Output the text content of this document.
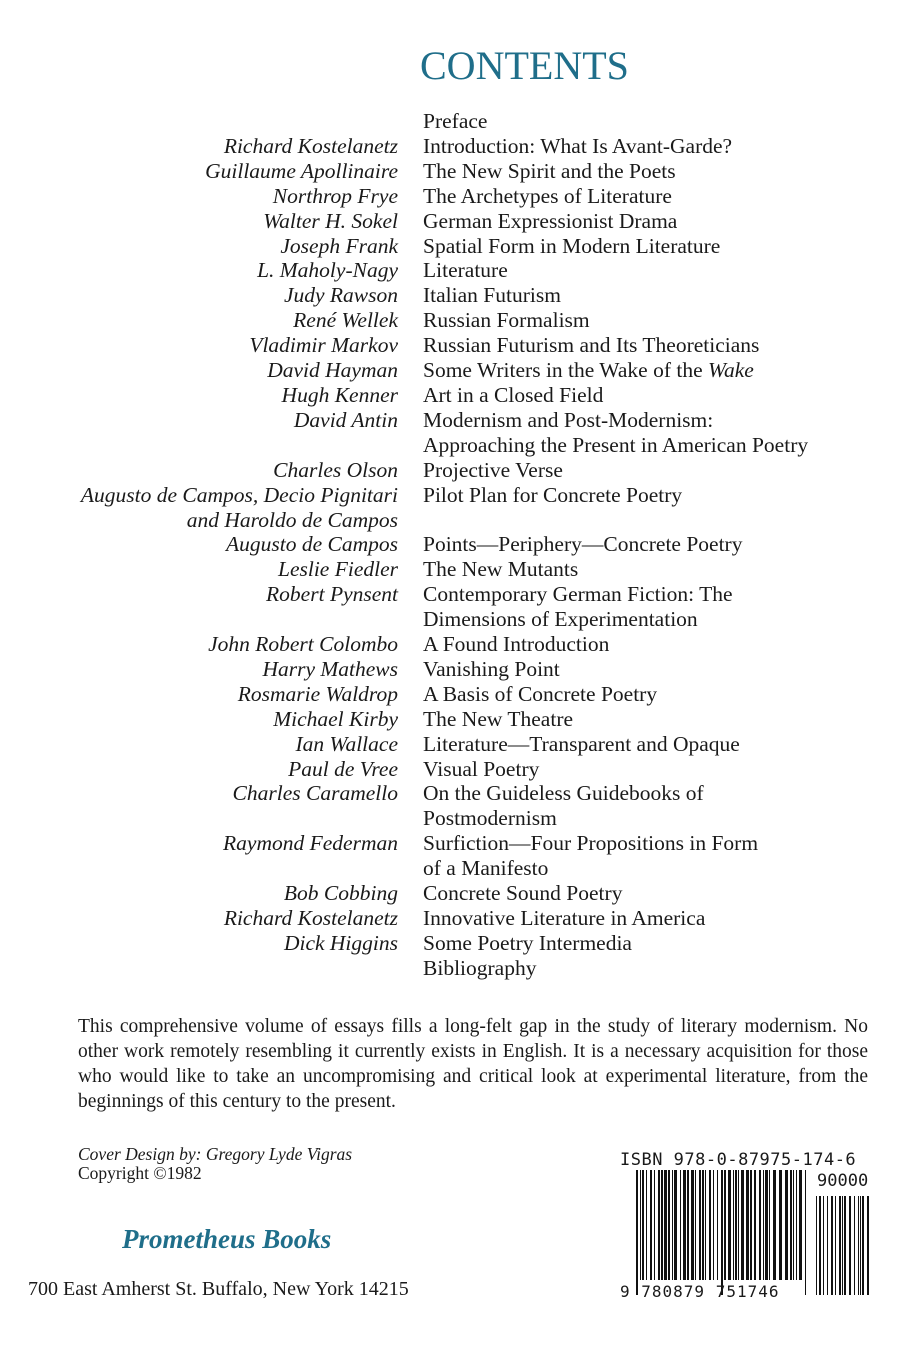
CONTENTS
Preface
Richard Kostelanetz Introduction: What Is Avant-Garde?
Guillaume Apollinaire The New Spirit and the Poets
Northrop Frye The Archetypes of Literature
Walter H. Sokel German Expressionist Drama
Joseph Frank Spatial Form in Modern Literature
L. Maholy-Nagy Literature
Judy Rawson Italian Futurism
René Wellek Russian Formalism
Vladimir Markov Russian Futurism and Its Theoreticians
David Hayman Some Writers in the Wake of the Wake
Hugh Kenner Art in a Closed Field
David Antin Modernism and Post-Modernism:
Approaching the Present in American Poetry
Charles Olson Projective Verse
Augusto de Campos, Decio Pignitari
and Haroldo de Campos
Pilot Plan for Concrete Poetry
Augusto de Campos Points—Periphery—Concrete Poetry
Leslie Fiedler The New Mutants
Robert Pynsent Contemporary German Fiction: The
Dimensions of Experimentation
John Robert Colombo A Found Introduction
Harry Mathews Vanishing Point
Rosmarie Waldrop A Basis of Concrete Poetry
Michael Kirby The New Theatre
Ian Wallace Literature—Transparent and Opaque
Paul de Vree Visual Poetry
Charles Caramello On the Guideless Guidebooks of
Postmodernism
Raymond Federman Surfiction—Four Propositions in Form
of a Manifesto
Bob Cobbing Concrete Sound Poetry
Richard Kostelanetz Innovative Literature in America
Dick Higgins Some Poetry Intermedia
Bibliography
This comprehensive volume of essays fills a long-felt gap in the study of literary modernism. No other work remotely resembling it currently exists in English. It is a necessary acquisition for those who would like to take an uncompromising and critical look at experimental literature, from the beginnings of this century to the present.
Cover Design by: Gregory Lyde Vigras
Copyright ©1982
Prometheus Books
700 East Amherst St. Buffalo, New York 14215
ISBN 978-0-87975-174-6
90000
9 780879 751746
